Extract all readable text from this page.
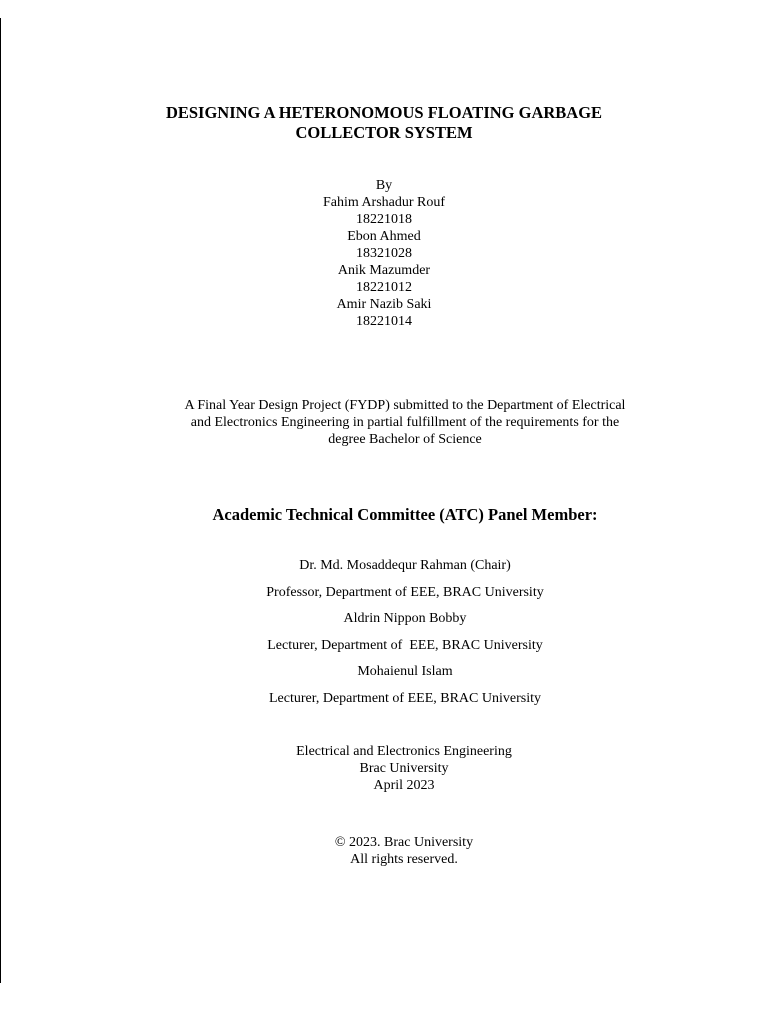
DESIGNING A HETERONOMOUS FLOATING GARBAGE
COLLECTOR SYSTEM
By
Fahim Arshadur Rouf
18221018
Ebon Ahmed
18321028
Anik Mazumder
18221012
Amir Nazib Saki
18221014
A Final Year Design Project (FYDP) submitted to the Department of Electrical
and Electronics Engineering in partial fulfillment of the requirements for the
degree Bachelor of Science
Academic Technical Committee (ATC) Panel Member:
Dr. Md. Mosaddequr Rahman (Chair)
Professor, Department of EEE, BRAC University
Aldrin Nippon Bobby
Lecturer, Department of  EEE, BRAC University
Mohaienul Islam
Lecturer, Department of EEE, BRAC University
Electrical and Electronics Engineering
Brac University
April 2023
© 2023. Brac University
All rights reserved.
